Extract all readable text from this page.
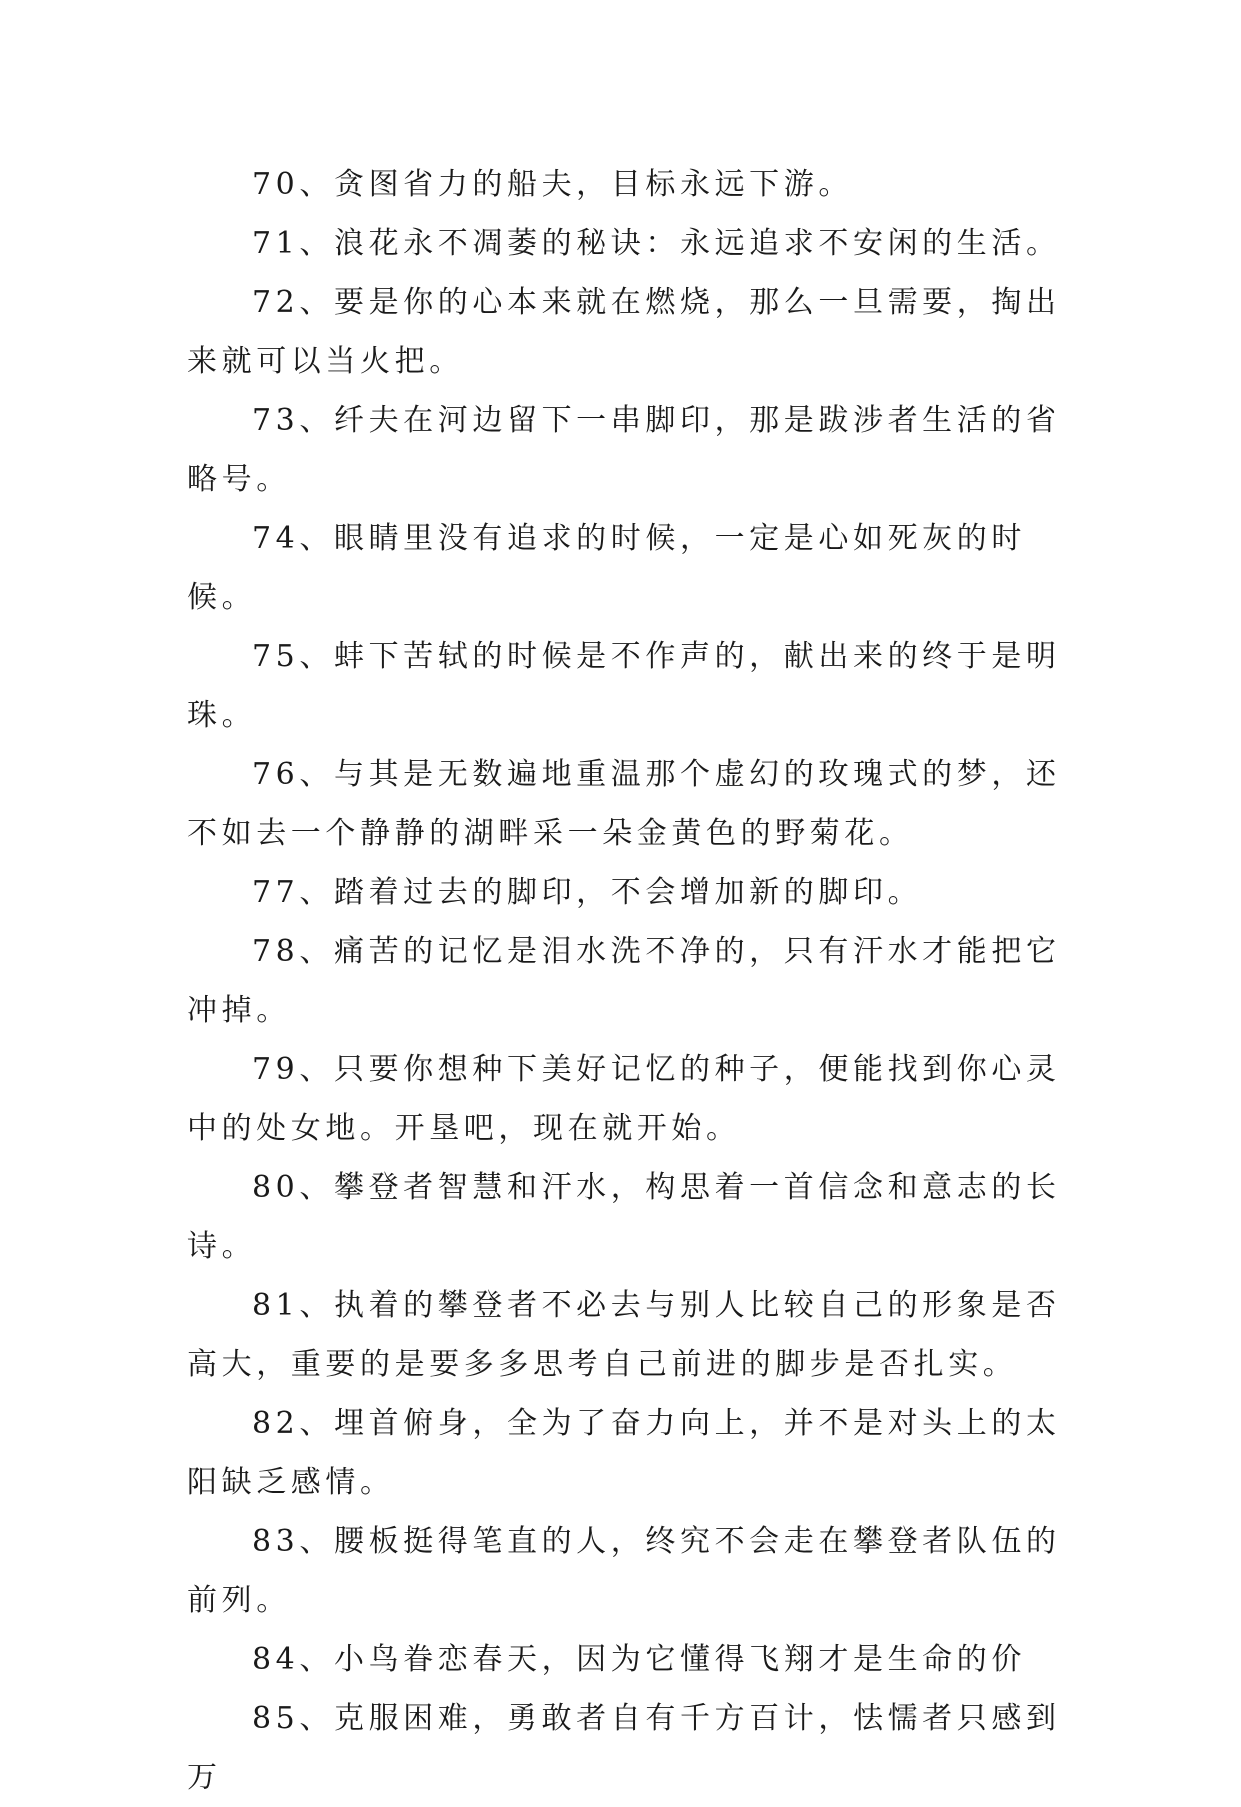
70、贪图省力的船夫，目标永远下游。

71、浪花永不凋萎的秘诀：永远追求不安闲的生活。

72、要是你的心本来就在燃烧，那么一旦需要，掏出来就可以当火把。

73、纤夫在河边留下一串脚印，那是跋涉者生活的省略号。

74、眼睛里没有追求的时候，一定是心如死灰的时候。

75、蚌下苦轼的时候是不作声的，献出来的终于是明珠。

76、与其是无数遍地重温那个虚幻的玫瑰式的梦，还不如去一个静静的湖畔采一朵金黄色的野菊花。

77、踏着过去的脚印，不会增加新的脚印。

78、痛苦的记忆是泪水洗不净的，只有汗水才能把它冲掉。

79、只要你想种下美好记忆的种子，便能找到你心灵中的处女地。开垦吧，现在就开始。

80、攀登者智慧和汗水，构思着一首信念和意志的长诗。

81、执着的攀登者不必去与别人比较自己的形象是否高大，重要的是要多多思考自己前进的脚步是否扎实。

82、埋首俯身，全为了奋力向上，并不是对头上的太阳缺乏感情。

83、腰板挺得笔直的人，终究不会走在攀登者队伍的前列。

84、小鸟眷恋春天，因为它懂得飞翔才是生命的价

85、克服困难，勇敢者自有千方百计，怯懦者只感到万
